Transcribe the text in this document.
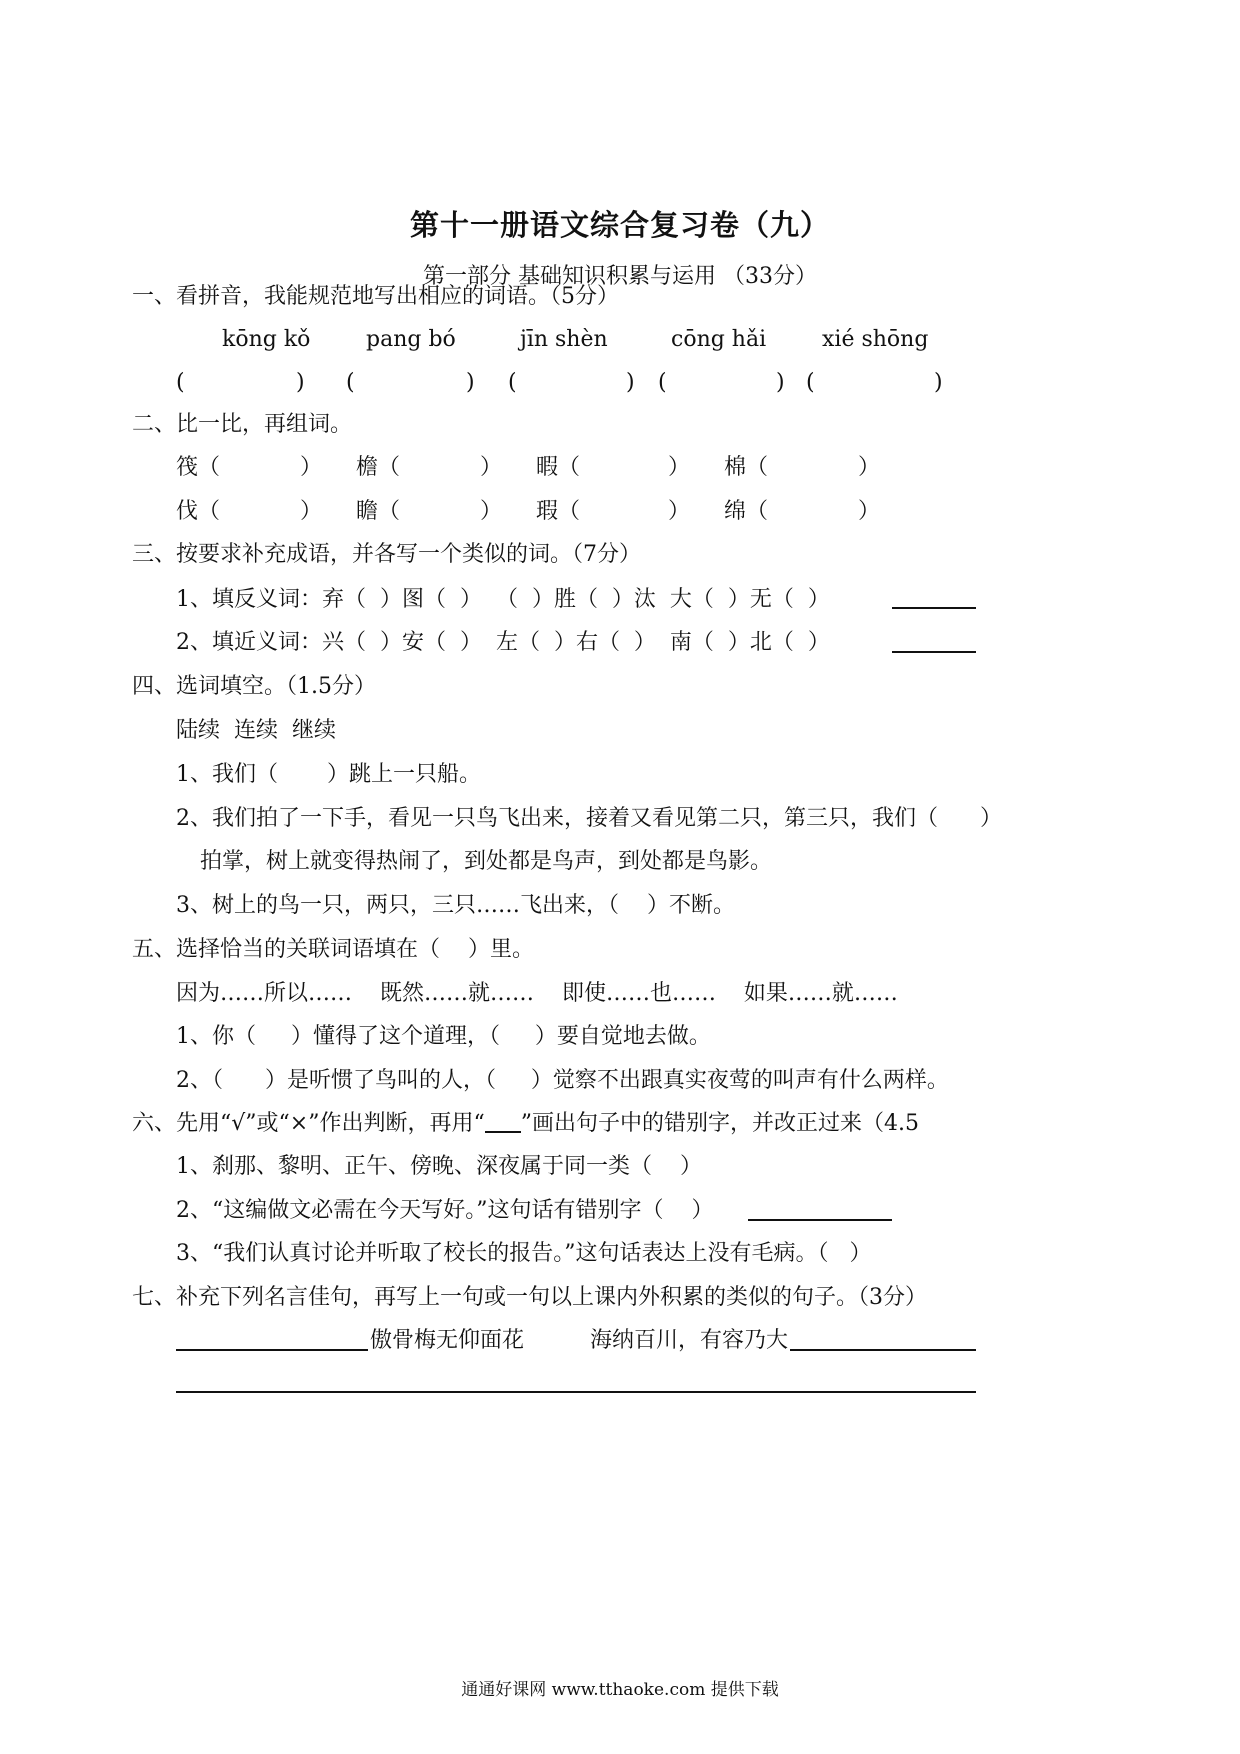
第十一册语文综合复习卷（九）
第一部分 基础知识积累与运用 （33分）
一、看拼音，我能规范地写出相应的词语。（5分）
kōng kǒ	pang bó	jīn shèn	cōng hǎi	xié shōng
(	) (	) (	) (	) (	)
二、比一比，再组词。
筏（	） 檐（	） 暇（	） 棉（	）
伐（	） 瞻（	） 瑕（	） 绵（	）
三、按要求补充成语，并各写一个类似的词。（7分）
1、填反义词：弃（  ）图（  ）  （  ）胜（  ）汰  大（  ）无（  ）
2、填近义词：兴（  ）安（  ）  左（  ）右（  ）  南（  ）北（  ）
四、选词填空。（1.5分）
陆续  连续  继续
1、我们（       ）跳上一只船。
2、我们拍了一下手，看见一只鸟飞出来，接着又看见第二只，第三只，我们（      ）
拍掌，树上就变得热闹了，到处都是鸟声，到处都是鸟影。
3、树上的鸟一只，两只，三只……飞出来，（    ）不断。
五、选择恰当的关联词语填在（    ）里。
因为……所以……    既然……就……    即使……也……    如果……就……
1、你（     ）懂得了这个道理，（     ）要自觉地去做。
2、（      ）是听惯了鸟叫的人，（     ）觉察不出跟真实夜莺的叫声有什么两样。
六、先用“√”或“×”作出判断，再用“ ”画出句子中的错别字，并改正过来（4.5
1、刹那、黎明、正午、傍晚、深夜属于同一类（    ）
2、“这编做文必需在今天写好。”这句话有错别字（    ）
3、“我们认真讨论并听取了校长的报告。”这句话表达上没有毛病。（   ）
七、补充下列名言佳句，再写上一句或一句以上课内外积累的类似的句子。（3分）
傲骨梅无仰面花	海纳百川，有容乃大
通通好课网 www.tthaoke.com 提供下载
